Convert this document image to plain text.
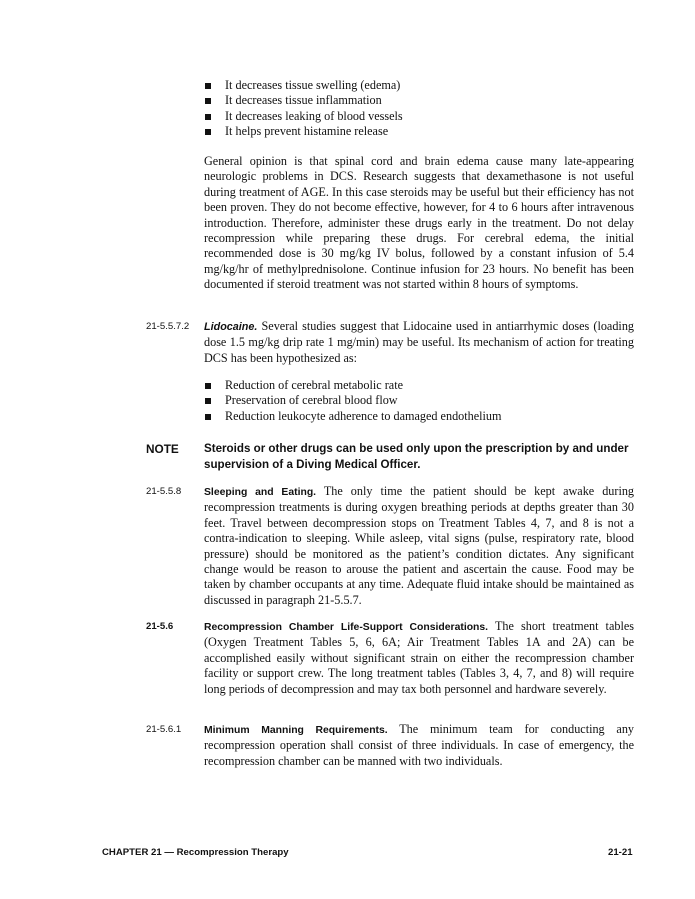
It decreases tissue swelling (edema)
It decreases tissue inflammation
It decreases leaking of blood vessels
It helps prevent histamine release

General opinion is that spinal cord and brain edema cause many late-appearing neurologic problems in DCS. Research suggests that dexamethasone is not useful during treatment of AGE. In this case steroids may be useful but their efficiency has not been proven. They do not become effective, however, for 4 to 6 hours after intravenous introduction. Therefore, administer these drugs early in the treatment. Do not delay recompression while preparing these drugs. For cerebral edema, the initial recommended dose is 30 mg/kg IV bolus, followed by a constant infusion of 5.4 mg/kg/hr of methylprednisolone. Continue infusion for 23 hours. No benefit has been documented if steroid treatment was not started within 8 hours of symptoms.

21-5.5.7.2 Lidocaine. Several studies suggest that Lidocaine used in antiarrhymic doses (loading dose 1.5 mg/kg drip rate 1 mg/min) may be useful. Its mechanism of action for treating DCS has been hypothesized as:

Reduction of cerebral metabolic rate
Preservation of cerebral blood flow
Reduction leukocyte adherence to damaged endothelium
NOTE Steroids or other drugs can be used only upon the prescription by and under supervision of a Diving Medical Officer.

21-5.5.8 Sleeping and Eating. The only time the patient should be kept awake during recompression treatments is during oxygen breathing periods at depths greater than 30 feet. Travel between decompression stops on Treatment Tables 4, 7, and 8 is not a contra-indication to sleeping. While asleep, vital signs (pulse, respiratory rate, blood pressure) should be monitored as the patient’s condition dictates. Any significant change would be reason to arouse the patient and ascertain the cause. Food may be taken by chamber occupants at any time. Adequate fluid intake should be maintained as discussed in paragraph 21-5.5.7.

21-5.6	Recompression Chamber Life-Support Considerations. The short treatment tables (Oxygen Treatment Tables 5, 6, 6A; Air Treatment Tables 1A and 2A) can be accomplished easily without significant strain on either the recompression chamber facility or support crew. The long treatment tables (Tables 3, 4, 7, and 8) will require long periods of decompression and may tax both personnel and hardware severely.

21-5.6.1 Minimum Manning Requirements. The minimum team for conducting any recompression operation shall consist of three individuals. In case of emergency, the recompression chamber can be manned with two individuals.

CHAPTER 21 — Recompression Therapy	21-21
